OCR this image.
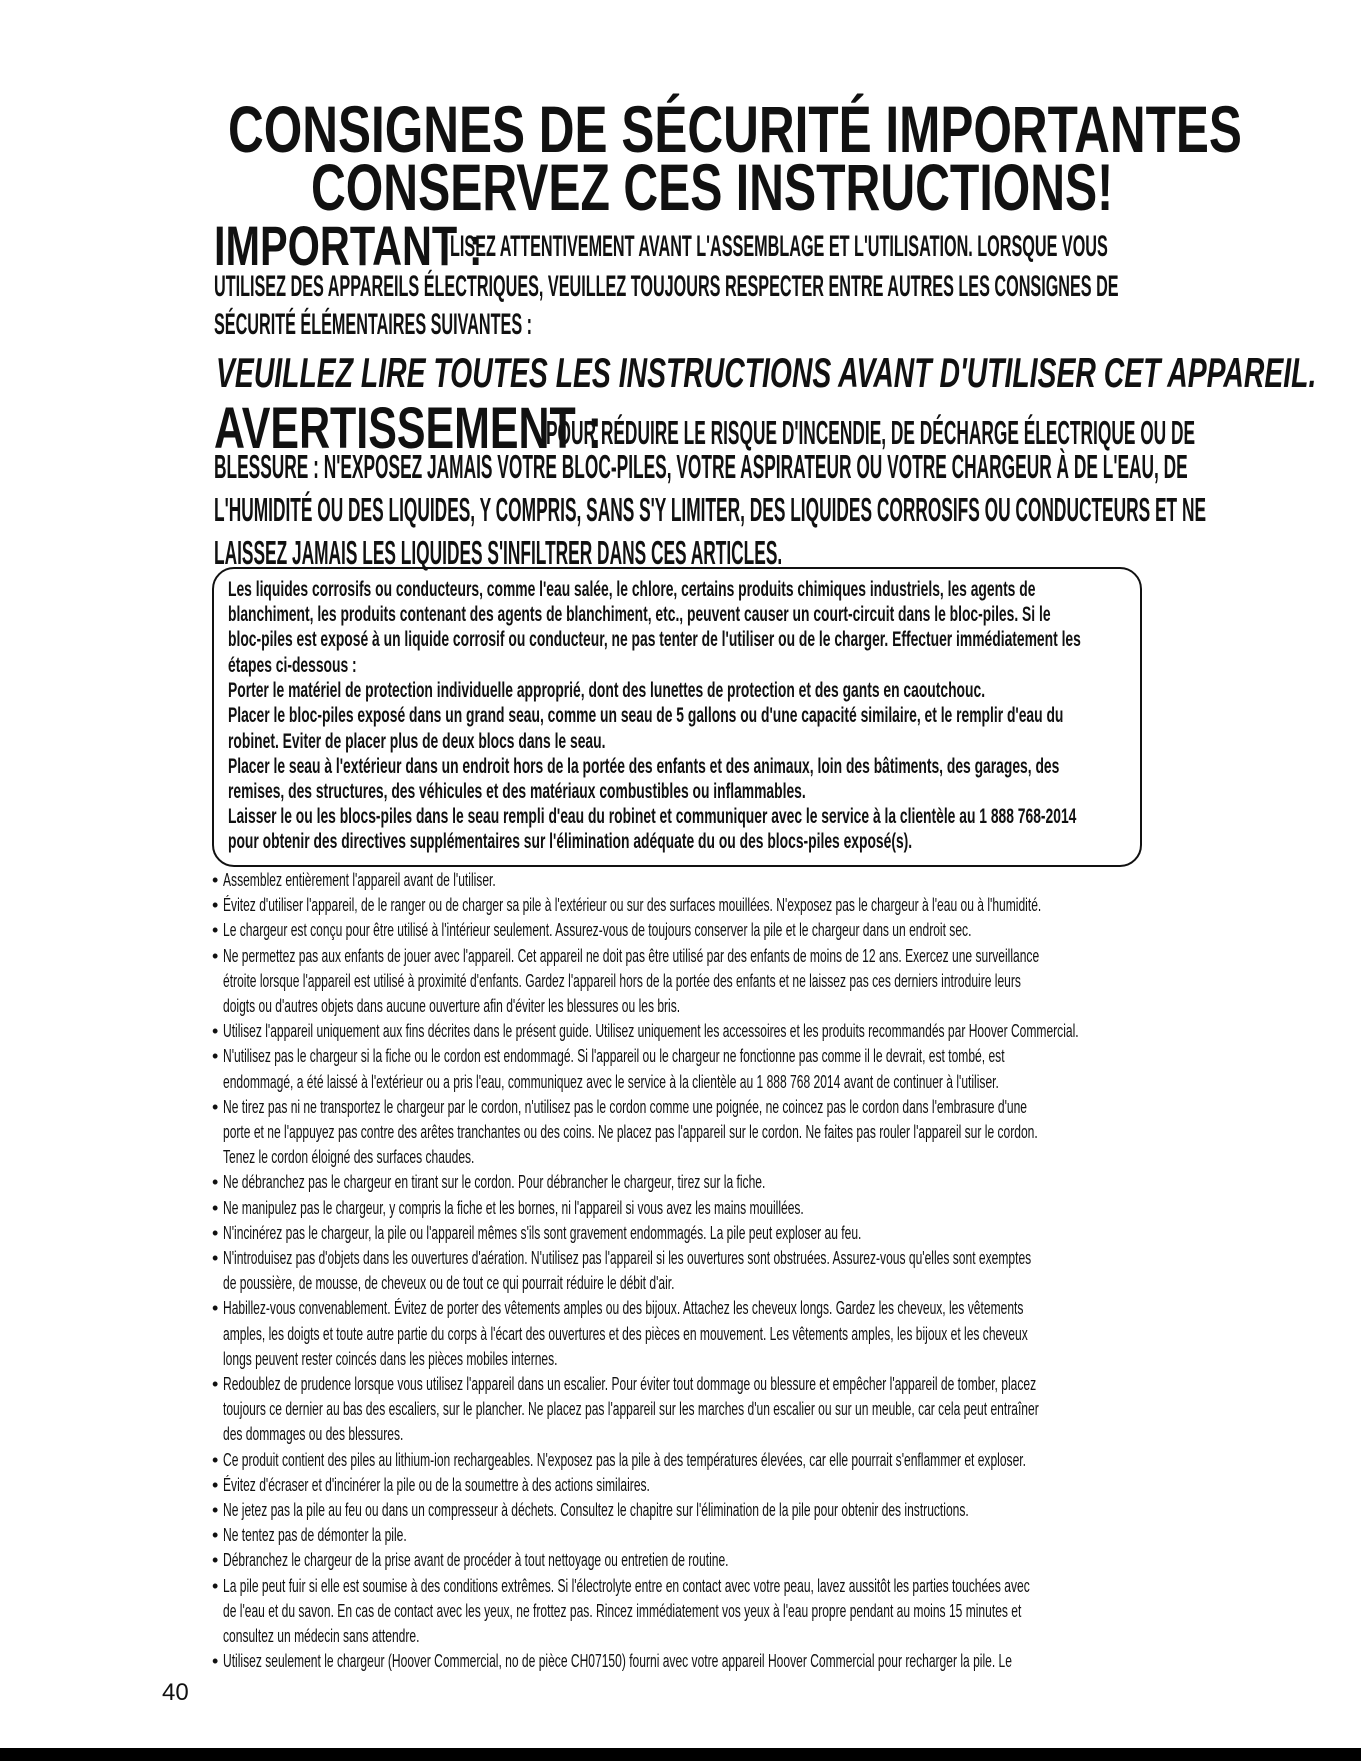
CONSIGNES DE SÉCURITÉ IMPORTANTES
CONSERVEZ CES INSTRUCTIONS!
IMPORTANT :
LISEZ ATTENTIVEMENT AVANT L'ASSEMBLAGE ET L'UTILISATION. LORSQUE VOUS
UTILISEZ DES APPAREILS ÉLECTRIQUES, VEUILLEZ TOUJOURS RESPECTER ENTRE AUTRES LES CONSIGNES DE
SÉCURITÉ ÉLÉMENTAIRES SUIVANTES :
VEUILLEZ LIRE TOUTES LES INSTRUCTIONS AVANT D'UTILISER CET APPAREIL.
AVERTISSEMENT :
POUR RÉDUIRE LE RISQUE D'INCENDIE, DE DÉCHARGE ÉLECTRIQUE OU DE
BLESSURE : N'EXPOSEZ JAMAIS VOTRE BLOC-PILES, VOTRE ASPIRATEUR OU VOTRE CHARGEUR À DE L'EAU, DE
L'HUMIDITÉ OU DES LIQUIDES, Y COMPRIS, SANS S'Y LIMITER, DES LIQUIDES CORROSIFS OU CONDUCTEURS ET NE
LAISSEZ JAMAIS LES LIQUIDES S'INFILTRER DANS CES ARTICLES.
Les liquides corrosifs ou conducteurs, comme l'eau salée, le chlore, certains produits chimiques industriels, les agents de
blanchiment, les produits contenant des agents de blanchiment, etc., peuvent causer un court-circuit dans le bloc-piles. Si le
bloc-piles est exposé à un liquide corrosif ou conducteur, ne pas tenter de l'utiliser ou de le charger. Effectuer immédiatement les
étapes ci-dessous :
Porter le matériel de protection individuelle approprié, dont des lunettes de protection et des gants en caoutchouc.
Placer le bloc-piles exposé dans un grand seau, comme un seau de 5 gallons ou d'une capacité similaire, et le remplir d'eau du
robinet. Eviter de placer plus de deux blocs dans le seau.
Placer le seau à l'extérieur dans un endroit hors de la portée des enfants et des animaux, loin des bâtiments, des garages, des
remises, des structures, des véhicules et des matériaux combustibles ou inflammables.
Laisser le ou les blocs-piles dans le seau rempli d'eau du robinet et communiquer avec le service à la clientèle au 1 888 768-2014
pour obtenir des directives supplémentaires sur l'élimination adéquate du ou des blocs-piles exposé(s).
• Assemblez entièrement l'appareil avant de l'utiliser.
• Évitez d'utiliser l'appareil, de le ranger ou de charger sa pile à l'extérieur ou sur des surfaces mouillées. N'exposez pas le chargeur à l'eau ou à l'humidité.
• Le chargeur est conçu pour être utilisé à l'intérieur seulement. Assurez-vous de toujours conserver la pile et le chargeur dans un endroit sec.
• Ne permettez pas aux enfants de jouer avec l'appareil. Cet appareil ne doit pas être utilisé par des enfants de moins de 12 ans. Exercez une surveillance
étroite lorsque l'appareil est utilisé à proximité d'enfants. Gardez l'appareil hors de la portée des enfants et ne laissez pas ces derniers introduire leurs
doigts ou d'autres objets dans aucune ouverture afin d'éviter les blessures ou les bris.
• Utilisez l'appareil uniquement aux fins décrites dans le présent guide. Utilisez uniquement les accessoires et les produits recommandés par Hoover Commercial.
• N'utilisez pas le chargeur si la fiche ou le cordon est endommagé. Si l'appareil ou le chargeur ne fonctionne pas comme il le devrait, est tombé, est
endommagé, a été laissé à l'extérieur ou a pris l'eau, communiquez avec le service à la clientèle au 1 888 768 2014 avant de continuer à l'utiliser.
• Ne tirez pas ni ne transportez le chargeur par le cordon, n'utilisez pas le cordon comme une poignée, ne coincez pas le cordon dans l'embrasure d'une
porte et ne l'appuyez pas contre des arêtes tranchantes ou des coins. Ne placez pas l'appareil sur le cordon. Ne faites pas rouler l'appareil sur le cordon.
Tenez le cordon éloigné des surfaces chaudes.
• Ne débranchez pas le chargeur en tirant sur le cordon. Pour débrancher le chargeur, tirez sur la fiche.
• Ne manipulez pas le chargeur, y compris la fiche et les bornes, ni l'appareil si vous avez les mains mouillées.
• N'incinérez pas le chargeur, la pile ou l'appareil mêmes s'ils sont gravement endommagés. La pile peut exploser au feu.
• N'introduisez pas d'objets dans les ouvertures d'aération. N'utilisez pas l'appareil si les ouvertures sont obstruées. Assurez-vous qu'elles sont exemptes
de poussière, de mousse, de cheveux ou de tout ce qui pourrait réduire le débit d'air.
• Habillez-vous convenablement. Évitez de porter des vêtements amples ou des bijoux. Attachez les cheveux longs. Gardez les cheveux, les vêtements
amples, les doigts et toute autre partie du corps à l'écart des ouvertures et des pièces en mouvement. Les vêtements amples, les bijoux et les cheveux
longs peuvent rester coincés dans les pièces mobiles internes.
• Redoublez de prudence lorsque vous utilisez l'appareil dans un escalier. Pour éviter tout dommage ou blessure et empêcher l'appareil de tomber, placez
toujours ce dernier au bas des escaliers, sur le plancher. Ne placez pas l'appareil sur les marches d'un escalier ou sur un meuble, car cela peut entraîner
des dommages ou des blessures.
• Ce produit contient des piles au lithium-ion rechargeables. N'exposez pas la pile à des températures élevées, car elle pourrait s'enflammer et exploser.
• Évitez d'écraser et d'incinérer la pile ou de la soumettre à des actions similaires.
• Ne jetez pas la pile au feu ou dans un compresseur à déchets. Consultez le chapitre sur l'élimination de la pile pour obtenir des instructions.
• Ne tentez pas de démonter la pile.
• Débranchez le chargeur de la prise avant de procéder à tout nettoyage ou entretien de routine.
• La pile peut fuir si elle est soumise à des conditions extrêmes. Si l'électrolyte entre en contact avec votre peau, lavez aussitôt les parties touchées avec
de l'eau et du savon. En cas de contact avec les yeux, ne frottez pas. Rincez immédiatement vos yeux à l'eau propre pendant au moins 15 minutes et
consultez un médecin sans attendre.
• Utilisez seulement le chargeur (Hoover Commercial, no de pièce CH07150) fourni avec votre appareil Hoover Commercial pour recharger la pile. Le
40
